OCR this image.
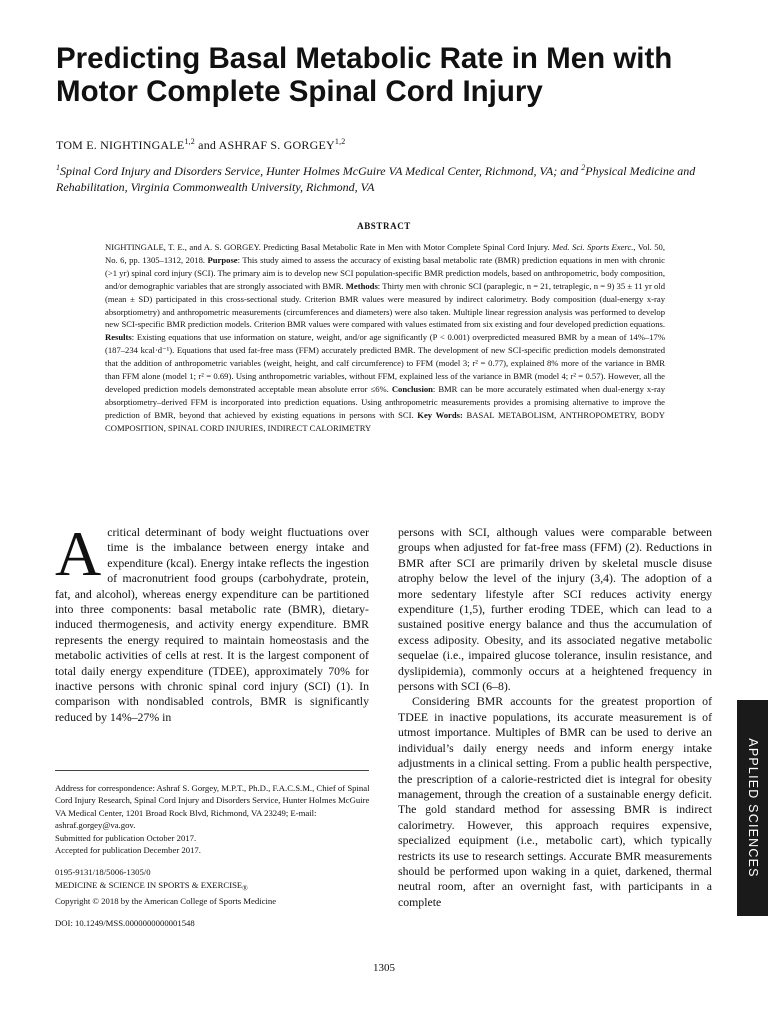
Predicting Basal Metabolic Rate in Men with Motor Complete Spinal Cord Injury
TOM E. NIGHTINGALE$^{1,2}$ and ASHRAF S. GORGEY$^{1,2}$
$^1$Spinal Cord Injury and Disorders Service, Hunter Holmes McGuire VA Medical Center, Richmond, VA; and $^2$Physical Medicine and Rehabilitation, Virginia Commonwealth University, Richmond, VA
ABSTRACT
NIGHTINGALE, T. E., and A. S. GORGEY. Predicting Basal Metabolic Rate in Men with Motor Complete Spinal Cord Injury. Med. Sci. Sports Exerc., Vol. 50, No. 6, pp. 1305–1312, 2018. Purpose: This study aimed to assess the accuracy of existing basal metabolic rate (BMR) prediction equations in men with chronic (>1 yr) spinal cord injury (SCI). The primary aim is to develop new SCI population-specific BMR prediction models, based on anthropometric, body composition, and/or demographic variables that are strongly associated with BMR. Methods: Thirty men with chronic SCI (paraplegic, n = 21, tetraplegic, n = 9) 35 ± 11 yr old (mean ± SD) participated in this cross-sectional study. Criterion BMR values were measured by indirect calorimetry. Body composition (dual-energy x-ray absorptiometry) and anthropometric measurements (circumferences and diameters) were also taken. Multiple linear regression analysis was performed to develop new SCI-specific BMR prediction models. Criterion BMR values were compared with values estimated from six existing and four developed prediction equations. Results: Existing equations that use information on stature, weight, and/or age significantly (P < 0.001) overpredicted measured BMR by a mean of 14%–17% (187–234 kcal·d⁻¹). Equations that used fat-free mass (FFM) accurately predicted BMR. The development of new SCI-specific prediction models demonstrated that the addition of anthropometric variables (weight, height, and calf circumference) to FFM (model 3; r² = 0.77), explained 8% more of the variance in BMR than FFM alone (model 1; r² = 0.69). Using anthropometric variables, without FFM, explained less of the variance in BMR (model 4; r² = 0.57). However, all the developed prediction models demonstrated acceptable mean absolute error ≤6%. Conclusion: BMR can be more accurately estimated when dual-energy x-ray absorptiometry–derived FFM is incorporated into prediction equations. Using anthropometric measurements provides a promising alternative to improve the prediction of BMR, beyond that achieved by existing equations in persons with SCI. Key Words: BASAL METABOLISM, ANTHROPOMETRY, BODY COMPOSITION, SPINAL CORD INJURIES, INDIRECT CALORIMETRY

Acritical determinant of body weight fluctuations over time is the imbalance between energy intake and expenditure (kcal). Energy intake reflects the ingestion of macronutrient food groups (carbohydrate, protein, fat, and alcohol), whereas energy expenditure can be partitioned into three components: basal metabolic rate (BMR), dietary-induced thermogenesis, and activity energy expenditure. BMR represents the energy required to maintain homeostasis and the metabolic activities of cells at rest. It is the largest component of total daily energy expenditure (TDEE), approximately 70% for inactive persons with chronic spinal cord injury (SCI) (1). In comparison with nondisabled controls, BMR is significantly reduced by 14%–27% in

Address for correspondence: Ashraf S. Gorgey, M.P.T., Ph.D., F.A.C.S.M., Chief of Spinal Cord Injury Research, Spinal Cord Injury and Disorders Service, Hunter Holmes McGuire VA Medical Center, 1201 Broad Rock Blvd, Richmond, VA 23249; E-mail: ashraf.gorgey@va.gov.
Submitted for publication October 2017.
Accepted for publication December 2017.
0195-9131/18/5006-1305/0
MEDICINE & SCIENCE IN SPORTS & $EXERCISE_®$
Copyright © 2018 by the American College of Sports Medicine
DOI: 10.1249/MSS.0000000000001548

persons with SCI, although values were comparable between groups when adjusted for fat-free mass (FFM) (2). Reductions in BMR after SCI are primarily driven by skeletal muscle disuse atrophy below the level of the injury (3,4). The adoption of a more sedentary lifestyle after SCI reduces activity energy expenditure (1,5), further eroding TDEE, which can lead to a sustained positive energy balance and thus the accumulation of excess adiposity. Obesity, and its associated negative metabolic sequelae (i.e., impaired glucose tolerance, insulin resistance, and dyslipidemia), commonly occurs at a heightened frequency in persons with SCI (6–8).

Considering BMR accounts for the greatest proportion of TDEE in inactive populations, its accurate measurement is of utmost importance. Multiples of BMR can be used to derive an individual’s daily energy needs and inform energy intake adjustments in a clinical setting. From a public health perspective, the prescription of a calorie-restricted diet is integral for obesity management, through the creation of a sustainable energy deficit. The gold standard method for assessing BMR is indirect calorimetry. However, this approach requires expensive, specialized equipment (i.e., metabolic cart), which typically restricts its use to research settings. Accurate BMR measurements should be performed upon waking in a quiet, darkened, thermal neutral room, after an overnight fast, with participants in a complete

APPLIED SCIENCES
1305
